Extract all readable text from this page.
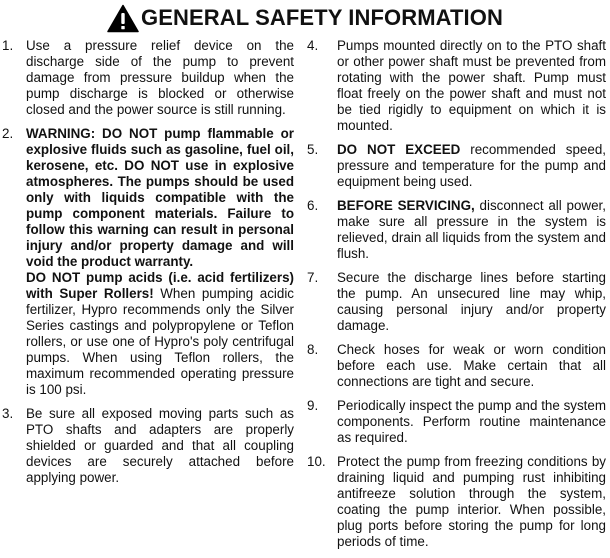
GENERAL SAFETY INFORMATION
1. Use a pressure relief device on the discharge side of the pump to prevent damage from pressure buildup when the pump discharge is blocked or otherwise closed and the power source is still running.
2. WARNING: DO NOT pump flammable or explosive fluids such as gasoline, fuel oil, kerosene, etc. DO NOT use in explosive atmospheres. The pumps should be used only with liquids compatible with the pump component materials. Failure to follow this warning can result in personal injury and/or property damage and will void the product warranty.

DO NOT pump acids (i.e. acid fertilizers) with Super Rollers! When pumping acidic fertilizer, Hypro recommends only the Silver Series castings and polypropylene or Teflon rollers, or use one of Hypro's poly centrifugal pumps. When using Teflon rollers, the maximum recommended operating pressure is 100 psi.

3. Be sure all exposed moving parts such as PTO shafts and adapters are properly shielded or guarded and that all coupling devices are securely attached before applying power.
4.	Pumps mounted directly on to the PTO shaft or other power shaft must be prevented from rotating with the power shaft. Pump must float freely on the power shaft and must not be tied rigidly to equipment on which it is mounted.
5.	DO NOT EXCEED recommended speed, pressure and temperature for the pump and equipment being used.
6.	BEFORE SERVICING, disconnect all power, make sure all pressure in the system is relieved, drain all liquids from the system and flush.
7.	Secure the discharge lines before starting the pump. An unsecured line may whip, causing personal injury and/or property damage.
8.	Check hoses for weak or worn condition before each use. Make certain that all connections are tight and secure.
9.	Periodically inspect the pump and the system components. Perform routine maintenance as required.
10. Protect the pump from freezing conditions by draining liquid and pumping rust inhibiting antifreeze solution through the system, coating the pump interior. When possible, plug ports before storing the pump for long periods of time.
